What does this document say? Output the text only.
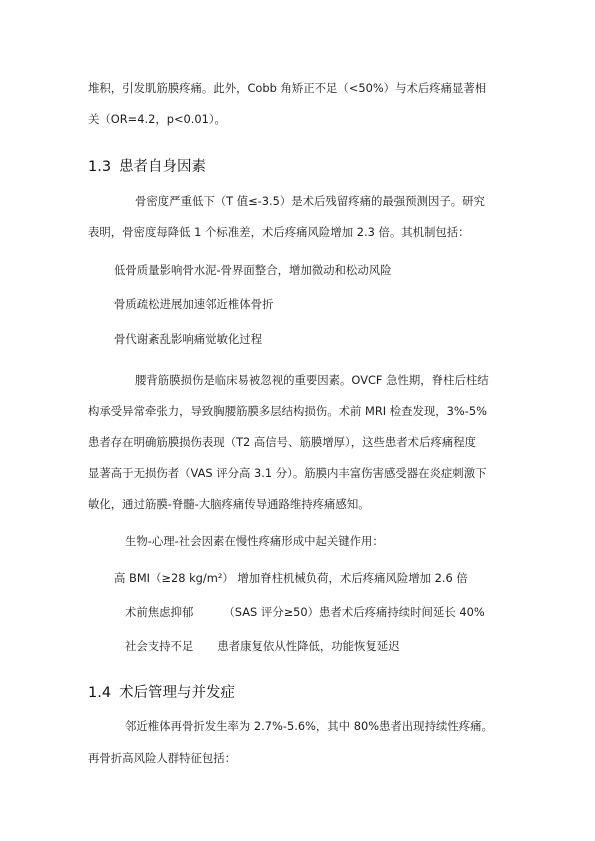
堆积，引发肌筋膜疼痛。此外，Cobb 角矫正不足（<50%）与术后疼痛显著相
关（OR=4.2，p<0.01）。
1.3 患者自身因素
骨密度严重低下（T 值≤-3.5）是术后残留疼痛的最强预测因子。研究
表明，骨密度每降低 1 个标准差，术后疼痛风险增加 2.3 倍。其机制包括：
低骨质量影响骨水泥-骨界面整合，增加微动和松动风险
骨质疏松进展加速邻近椎体骨折
骨代谢紊乱影响痛觉敏化过程
腰背筋膜损伤是临床易被忽视的重要因素。OVCF 急性期，脊柱后柱结
构承受异常牵张力，导致胸腰筋膜多层结构损伤。术前 MRI 检查发现，3%-5%
患者存在明确筋膜损伤表现（T2 高信号、筋膜增厚），这些患者术后疼痛程度
显著高于无损伤者（VAS 评分高 3.1 分）。筋膜内丰富伤害感受器在炎症刺激下
敏化，通过筋膜-脊髓-大脑疼痛传导通路维持疼痛感知。
生物-心理-社会因素在慢性疼痛形成中起关键作用：
高 BMI（≥28 kg/m²） 增加脊柱机械负荷，术后疼痛风险增加 2.6 倍
术前焦虑抑郁	（SAS 评分≥50）患者术后疼痛持续时间延长 40%
社会支持不足 患者康复依从性降低，功能恢复延迟
1.4 术后管理与并发症
邻近椎体再骨折发生率为 2.7%-5.6%，其中 80%患者出现持续性疼痛。
再骨折高风险人群特征包括：
